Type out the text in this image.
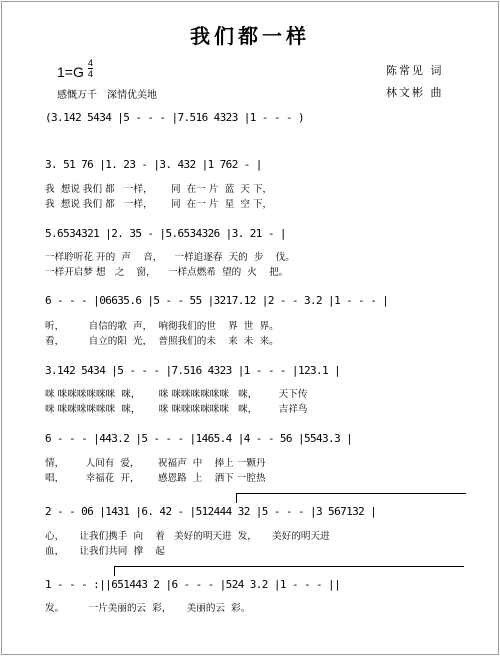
我们都一样
1=G
4
4
感慨万千　深情优美地
陈常见 词
林文彬 曲
(3.142 5434 |5 - - - |7.516 4323 |1 - - - )
3. 51 76 |1. 23 - |3. 432 |1 762 - |
我  想说 我们 都   一样，      同  在一 片  蓝  天 下，
我  想说 我们 都   一样，      同  在一 片  星  空 下，
5.6534321 |2. 35 - |5.6534326 |3. 21 - |
一样聆听花 开的  声    音，    一样追逐春  天的  步    伐。
一样开启梦 想   之    窗，    一样点燃希  望的  火    把。
6 - - - |06635.6 |5 - - 55 |3217.12 |2 - - 3.2 |1 - - - |
听，        自信的歌  声，  响彻我们的世    界  世  界。
看，        自立的阳  光，  普照我们的未    来  未  来。
3.142 5434 |5 - - - |7.516 4323 |1 - - - |123.1 |
咪 咪咪咪咪咪咪  咪，      咪 咪咪咪咪咪咪   咪，       天下传
咪 咪咪咪咪咪咪  咪，      咪 咪咪咪咪咪咪   咪，       吉祥鸟
6 - - - |443.2 |5 - - - |1465.4 |4 - - 56 |5543.3 |
情，       人间有  爱，      祝福声  中    捧上 一颗丹
唱，       幸福花  开，      感恩路  上    洒下 一腔热
2 - - 06 |1431 |6. 42 - |512444 32 |5 - - - |3 567132 |
心，     让我们携手  向    着   美好的明天进  发，     美好的明天进
血，     让我们共同  撑    起
1 - - - :||651443 2 |6 - - - |524 3.2 |1 - - - ||
发。        一片美丽的云  彩，     美丽的云  彩。
